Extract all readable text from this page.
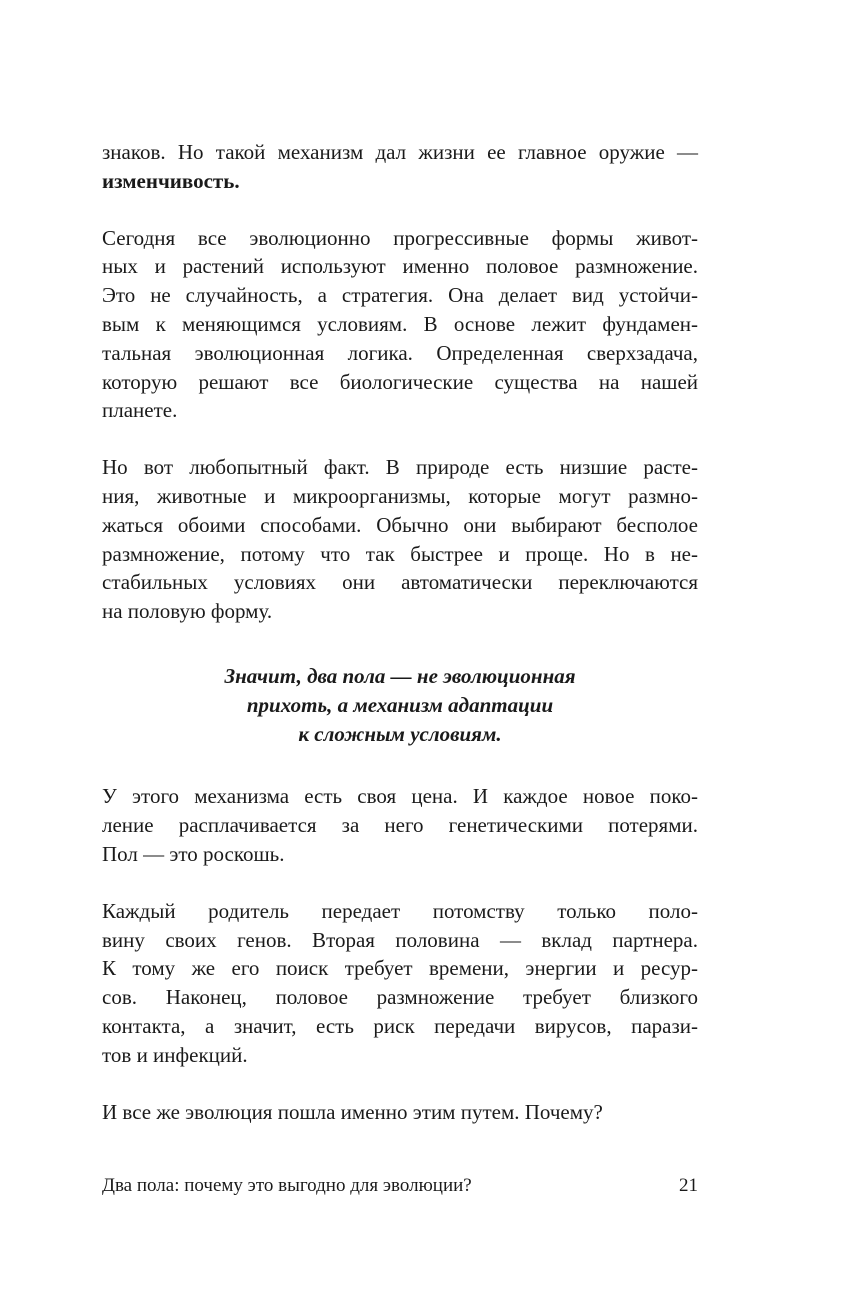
знаков. Но такой механизм дал жизни ее главное оружие —
изменчивость.

Сегодня все эволюционно прогрессивные формы живот-
ных и растений используют именно половое размножение.
Это не случайность, а стратегия. Она делает вид устойчи-
вым к меняющимся условиям. В основе лежит фундамен-
тальная эволюционная логика. Определенная сверхзадача,
которую решают все биологические существа на нашей
планете.

Но вот любопытный факт. В природе есть низшие расте-
ния, животные и микроорганизмы, которые могут размно-
жаться обоими способами. Обычно они выбирают бесполое
размножение, потому что так быстрее и проще. Но в не-
стабильных условиях они автоматически переключаются
на половую форму.

Значит, два пола — не эволюционная
прихоть, а механизм адаптации
к сложным условиям.

У этого механизма есть своя цена. И каждое новое поко-
ление расплачивается за него генетическими потерями.
Пол — это роскошь.

Каждый родитель передает потомству только поло-
вину своих генов. Вторая половина — вклад партнера.
К тому же его поиск требует времени, энергии и ресур-
сов. Наконец, половое размножение требует близкого
контакта, а значит, есть риск передачи вирусов, парази-
тов и инфекций.

И все же эволюция пошла именно этим путем. Почему?

Два пола: почему это выгодно для эволюции?	21
